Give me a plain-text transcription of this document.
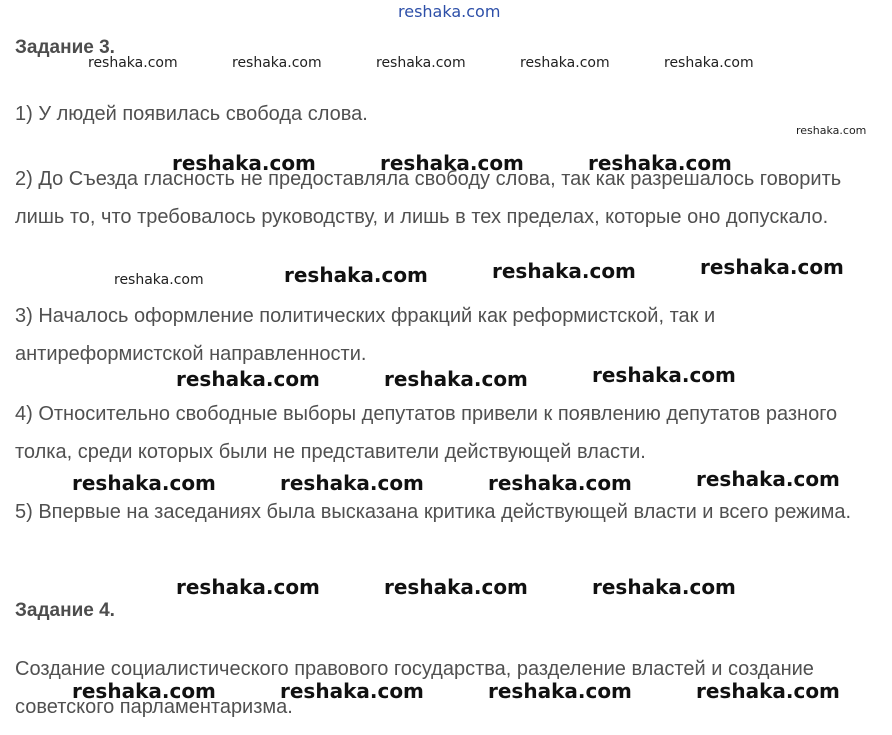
reshaka.com
Задание 3.
reshaka.com	reshaka.com	reshaka.com	reshaka.com	reshaka.com
1) У людей появилась свобода слова.
reshaka.com
2) До Съезда гласность не предоставляла свободу слова, так как разрешалось говорить лишь то, что требовалось руководству, и лишь в тех пределах, которые оно допускало.
reshaka.com	reshaka.com	reshaka.com
reshaka.com	reshaka.com	reshaka.com	reshaka.com
3) Началось оформление политических фракций как реформистской, так и антиреформистской направленности.
reshaka.com	reshaka.com	reshaka.com
4) Относительно свободные выборы депутатов привели к появлению депутатов разного толка, среди которых были не представители действующей власти.
reshaka.com	reshaka.com	reshaka.com	reshaka.com
5) Впервые на заседаниях была высказана критика действующей власти и всего режима.
reshaka.com	reshaka.com	reshaka.com
Задание 4.
Создание социалистического правового государства, разделение властей и создание советского парламентаризма.
reshaka.com	reshaka.com	reshaka.com	reshaka.com
